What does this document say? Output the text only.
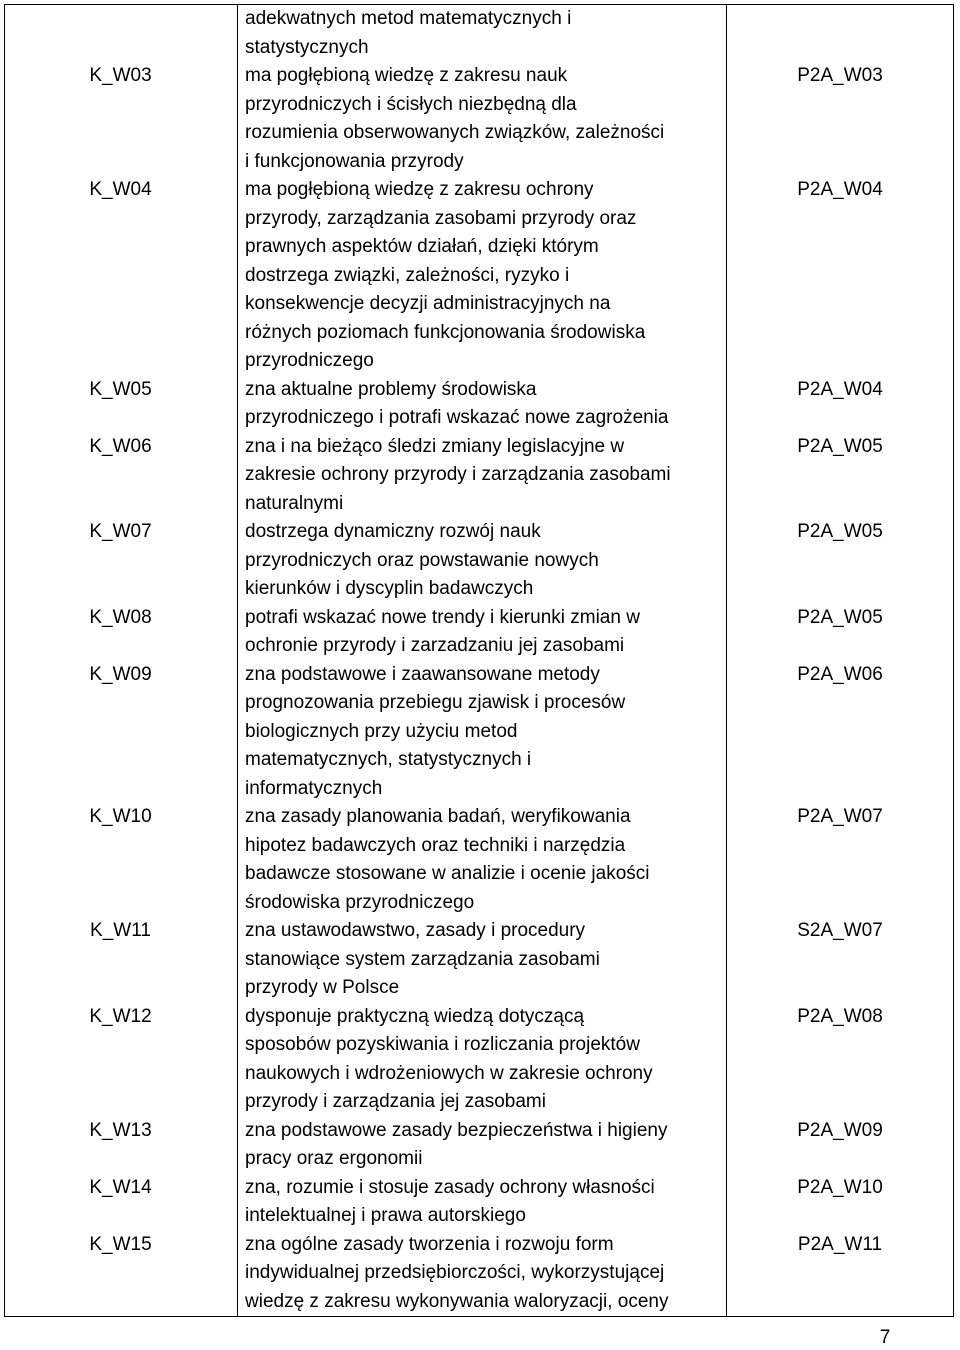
adekwatnych metod matematycznych i
statystycznych
K_W03	ma pogłębioną wiedzę z zakresu nauk
przyrodniczych i ścisłych niezbędną dla
rozumienia obserwowanych związków, zależności
i funkcjonowania przyrody
P2A_W03
K_W04	ma pogłębioną wiedzę z zakresu ochrony
przyrody, zarządzania zasobami przyrody oraz
prawnych aspektów działań, dzięki którym
dostrzega związki, zależności, ryzyko i
konsekwencje decyzji administracyjnych na
różnych poziomach funkcjonowania środowiska
przyrodniczego
P2A_W04
K_W05	zna aktualne problemy środowiska
przyrodniczego i potrafi wskazać nowe zagrożenia
P2A_W04
K_W06	zna i na bieżąco śledzi zmiany legislacyjne w
zakresie ochrony przyrody i zarządzania zasobami
naturalnymi
P2A_W05
K_W07	dostrzega dynamiczny rozwój nauk
przyrodniczych oraz powstawanie nowych
kierunków i dyscyplin badawczych
P2A_W05
K_W08	potrafi wskazać nowe trendy i kierunki zmian w
ochronie przyrody i zarzadzaniu jej zasobami
P2A_W05
K_W09	zna podstawowe i zaawansowane metody
prognozowania przebiegu zjawisk i procesów
biologicznych przy użyciu metod
matematycznych, statystycznych i
informatycznych
P2A_W06
K_W10	zna zasady planowania badań, weryfikowania
hipotez badawczych oraz techniki i narzędzia
badawcze stosowane w analizie i ocenie jakości
środowiska przyrodniczego
P2A_W07
K_W11	zna ustawodawstwo, zasady i procedury
stanowiące system zarządzania zasobami
przyrody w Polsce
S2A_W07
K_W12	dysponuje praktyczną wiedzą dotyczącą
sposobów pozyskiwania i rozliczania projektów
naukowych i wdrożeniowych w zakresie ochrony
przyrody i zarządzania jej zasobami
P2A_W08
K_W13	zna podstawowe zasady bezpieczeństwa i higieny
pracy oraz ergonomii
P2A_W09
K_W14	zna, rozumie i stosuje zasady ochrony własności
intelektualnej i prawa autorskiego
P2A_W10
K_W15	zna ogólne zasady tworzenia i rozwoju form
indywidualnej przedsiębiorczości, wykorzystującej
wiedzę z zakresu wykonywania waloryzacji, oceny
P2A_W11
7
